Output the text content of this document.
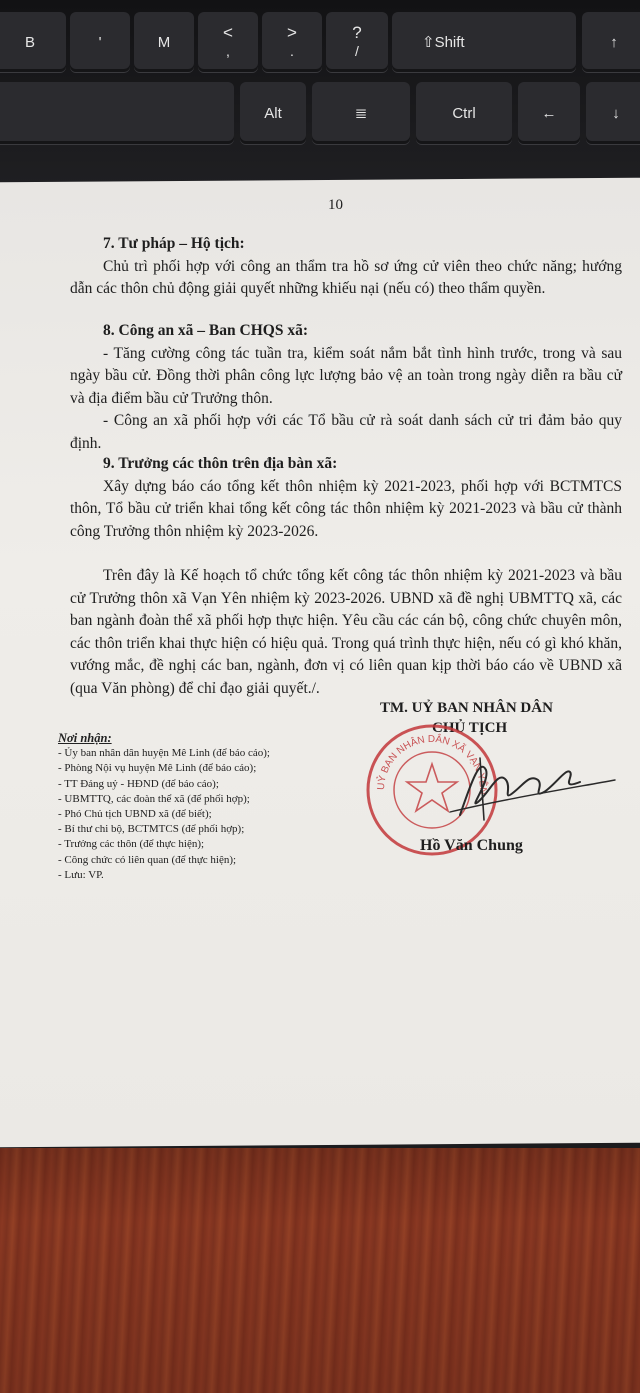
B	'	M	<
,
>
.
?
/	⇧Shift	↑
Alt	≣	Ctrl	←	↓
10
7. Tư pháp – Hộ tịch:

Chủ trì phối hợp với công an thẩm tra hồ sơ ứng cử viên theo chức năng; hướng dẫn các thôn chủ động giải quyết những khiếu nại (nếu có) theo thẩm quyền.

8. Công an xã – Ban CHQS xã:

- Tăng cường công tác tuần tra, kiểm soát nắm bắt tình hình trước, trong và sau ngày bầu cử. Đồng thời phân công lực lượng bảo vệ an toàn trong ngày diễn ra bầu cử và địa điểm bầu cử Trưởng thôn.

- Công an xã phối hợp với các Tổ bầu cử rà soát danh sách cử tri đảm bảo quy định.

9. Trưởng các thôn trên địa bàn xã:

Xây dựng báo cáo tổng kết thôn nhiệm kỳ 2021-2023, phối hợp với BCTMTCS thôn, Tổ bầu cử triển khai tổng kết công tác thôn nhiệm kỳ 2021-2023 và bầu cử thành công Trưởng thôn nhiệm kỳ 2023-2026.

Trên đây là Kế hoạch tổ chức tổng kết công tác thôn nhiệm kỳ 2021-2023 và bầu cử Trưởng thôn xã Vạn Yên nhiệm kỳ 2023-2026. UBND xã đề nghị UBMTTQ xã, các ban ngành đoàn thể xã phối hợp thực hiện. Yêu cầu các cán bộ, công chức chuyên môn, các thôn triển khai thực hiện có hiệu quả. Trong quá trình thực hiện, nếu có gì khó khăn, vướng mắc, đề nghị các ban, ngành, đơn vị có liên quan kịp thời báo cáo về UBND xã (qua Văn phòng) để chỉ đạo giải quyết./.

Nơi nhận:
- Ủy ban nhân dân huyện Mê Linh (để báo cáo);
- Phòng Nội vụ huyện Mê Linh (để báo cáo);
- TT Đảng uỷ - HĐND (để báo cáo);
- UBMTTQ, các đoàn thể xã (để phối hợp);
- Phó Chủ tịch UBND xã (để biết);
- Bí thư chi bộ, BCTMTCS (để phối hợp);
- Trưởng các thôn (để thực hiện);
- Công chức có liên quan (để thực hiện);
- Lưu: VP.
TM. UỶ BAN NHÂN DÂN
CHỦ TỊCH
UỶ BAN NHÂN DÂN XÃ VẠN YÊN
Hồ Văn Chung
